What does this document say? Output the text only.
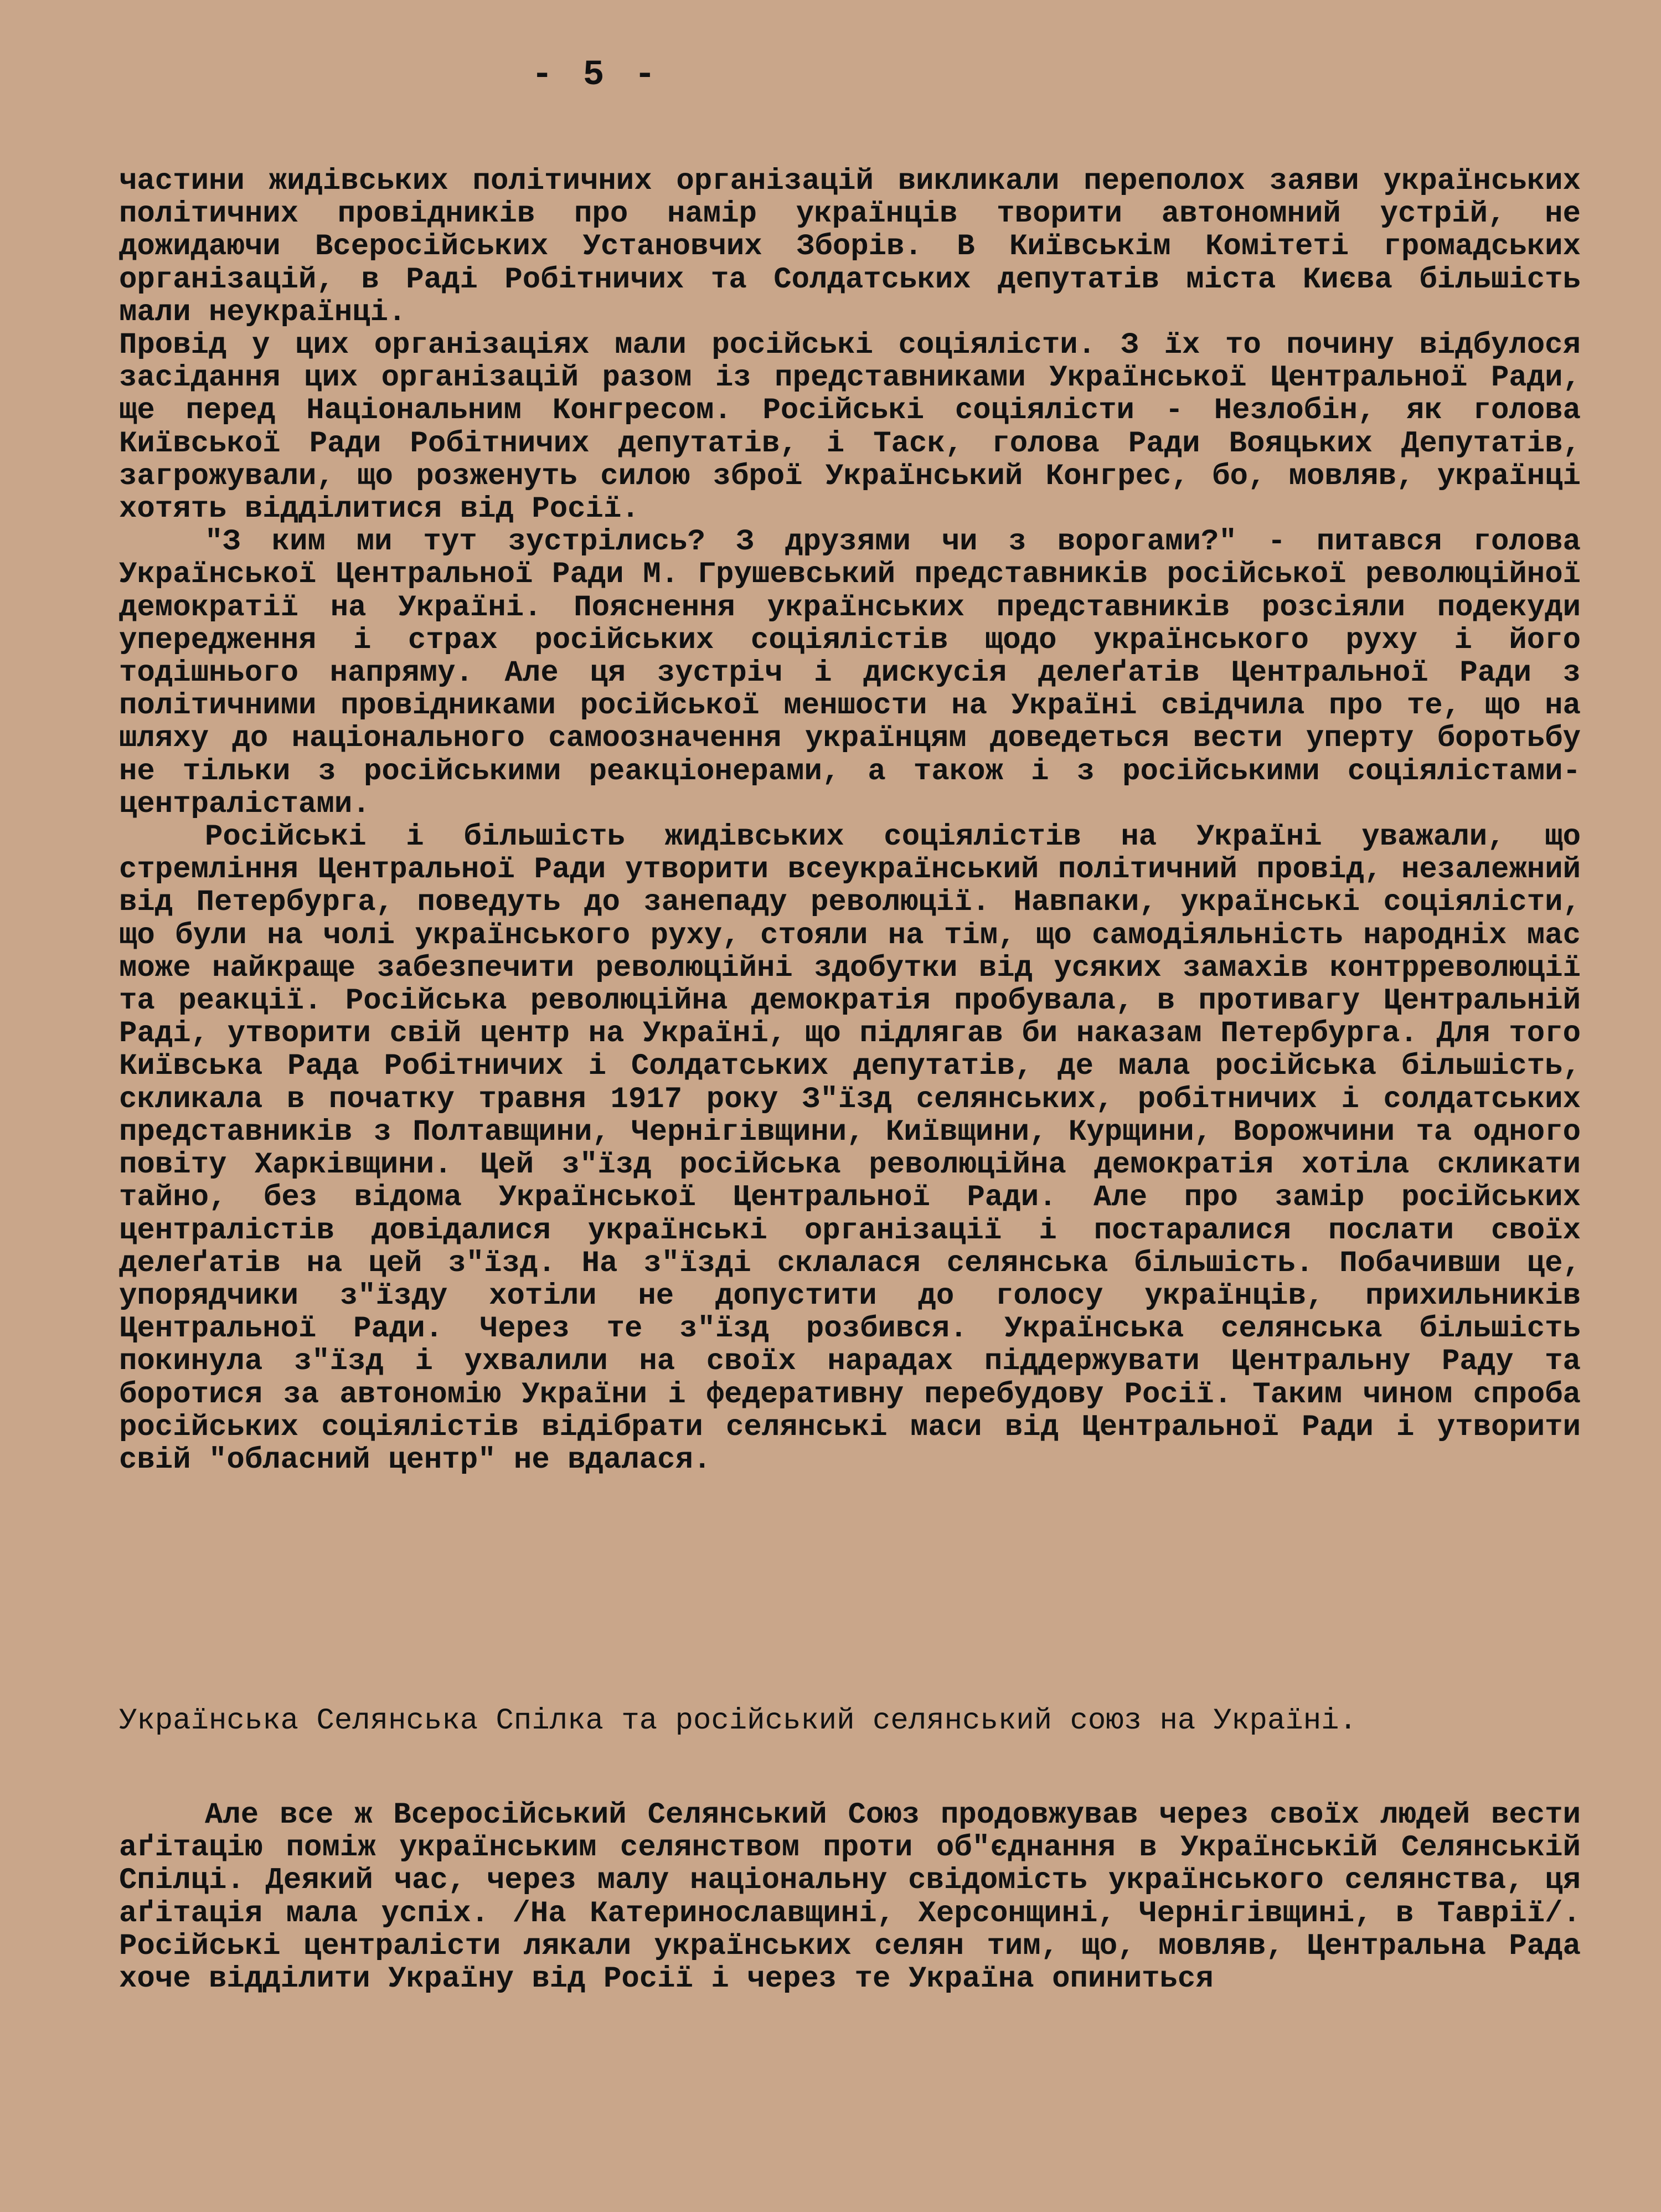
- 5 -

частини жидівських політичних організацій викликали переполох заяви українських політичних провідників про намір українців творити автономний устрій, не дожидаючи Всеросійських Установчих Зборів. В Київськім Комітеті громадських організацій, в Раді Робітничих та Солдатських депутатів міста Києва більшість мали неукраїнці.

Провід у цих організаціях мали російські соціялісти. З їх то почину відбулося засідання цих організацій разом із представниками Української Центральної Ради, ще перед Національним Конгресом. Російські соціялісти - Незлобін, як голова Київської Ради Робітничих депутатів, і Таск, голова Ради Вояцьких Депутатів, загрожували, що розженуть силою зброї Український Конгрес, бо, мовляв, українці хотять відділитися від Росії.

"З ким ми тут зустрілись? З друзями чи з ворогами?" - питався голова Української Центральної Ради М. Грушевський представників російської революційної демократії на Україні. Пояснення українських представників розсіяли подекуди упередження і страх російських соціялістів щодо українського руху і його тодішнього напряму. Але ця зустріч і дискусія делеґатів Центральної Ради з політичними провідниками російської меншости на Україні свідчила про те, що на шляху до національного самоозначення українцям доведеться вести уперту боротьбу не тільки з російськими реакціонерами, а також і з російськими соціялістами-централістами.

Російські і більшість жидівських соціялістів на Україні уважали, що стремління Центральної Ради утворити всеукраїнський політичний провід, незалежний від Петербурга, поведуть до занепаду революції. Навпаки, українські соціялісти, що були на чолі українського руху, стояли на тім, що самодіяльність народніх мас може найкраще забезпечити революційні здобутки від усяких замахів контрреволюції та реакції. Російська революційна демократія пробувала, в противагу Центральній Раді, утворити свій центр на Україні, що підлягав би наказам Петербурга. Для того Київська Рада Робітничих і Солдатських депутатів, де мала російська більшість, скликала в початку травня 1917 року З"їзд селянських, робітничих і солдатських представників з Полтавщини, Чернігівщини, Київщини, Курщини, Ворожчини та одного повіту Харківщини. Цей з"їзд російська революційна демократія хотіла скликати тайно, без відома Української Центральної Ради. Але про замір російських централістів довідалися українські організації і постаралися послати своїх делеґатів на цей з"їзд. На з"їзді склалася селянська більшість. Побачивши це, упорядчики з"їзду хотіли не допустити до голосу українців, прихильників Центральної Ради. Через те з"їзд розбився. Українська селянська більшість покинула з"їзд і ухвалили на своїх нарадах піддержувати Центральну Раду та боротися за автономію України і федеративну перебудову Росії. Таким чином спроба російських соціялістів відібрати селянські маси від Центральної Ради і утворити свій "обласний центр" не вдалася.

Українська Селянська Спілка та російський селянський союз на Україні.

Але все ж Всеросійський Селянський Союз продовжував через своїх людей вести аґітацію поміж українським селянством проти об"єднання в Українській Селянській Спілці. Деякий час, через малу національну свідомість українського селянства, ця аґітація мала успіх. /На Катеринославщині, Херсонщині, Чернігівщині, в Таврії/. Російські централісти лякали українських селян тим, що, мовляв, Центральна Рада хоче відділити Україну від Росії і через те Україна опиниться
